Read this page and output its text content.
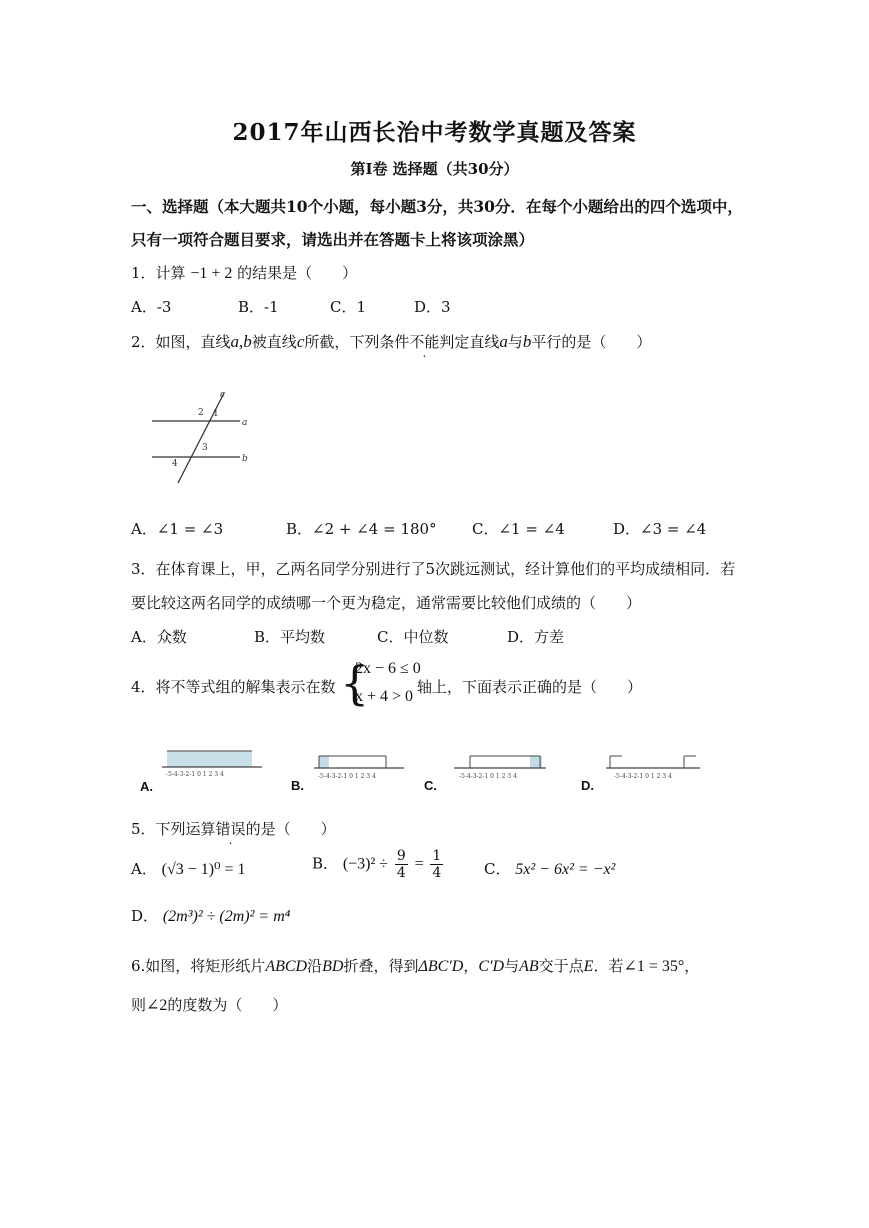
2017年山西长治中考数学真题及答案
第Ⅰ卷 选择题（共30分）
一、选择题（本大题共10个小题，每小题3分，共30分．在每个小题给出的四个选项中，
只有一项符合题目要求，请选出并在答题卡上将该项涂黑）
1．计算 −1 + 2 的结果是（　　）
A．-3	B．-1	C．1	D．3
2．如图，直线a,b被直线c所截，下列条件不能判定直线a与b平行的是（　　）
c
a
b
2 1
3
4
A．∠1 = ∠3	B．∠2 + ∠4 = 180° C．∠1 = ∠4	D．∠3 = ∠4
3．在体育课上，甲，乙两名同学分别进行了5次跳远测试，经计算他们的平均成绩相同．若
要比较这两名同学的成绩哪一个更为稳定，通常需要比较他们成绩的（　　）
A．众数	B．平均数	C．中位数	D．方差
4．将不等式组的解集表示在数 {
2x − 6 ≤ 0
x + 4 > 0
轴上，下面表示正确的是（　　）
A.
-5-4-3-2-1 0 1 2 3 4
B.
-5-4-3-2-1 0 1 2 3 4
C.
-5-4-3-2-1 0 1 2 3 4
D.
-5-4-3-2-1 0 1 2 3 4
5．下列运算错误的是（　　）
A． (√3 − 1)⁰ = 1	B． $(-3)^2 \div \frac{9}{4} = \frac{1}{4}$	C． 5x² − 6x² = −x²
D． (2m³)² ÷ (2m)² = m⁴
6.如图，将矩形纸片ABCD沿BD折叠，得到ΔBC′D，C′D与AB交于点E．若∠1 = 35°，
则∠2的度数为（　　）
